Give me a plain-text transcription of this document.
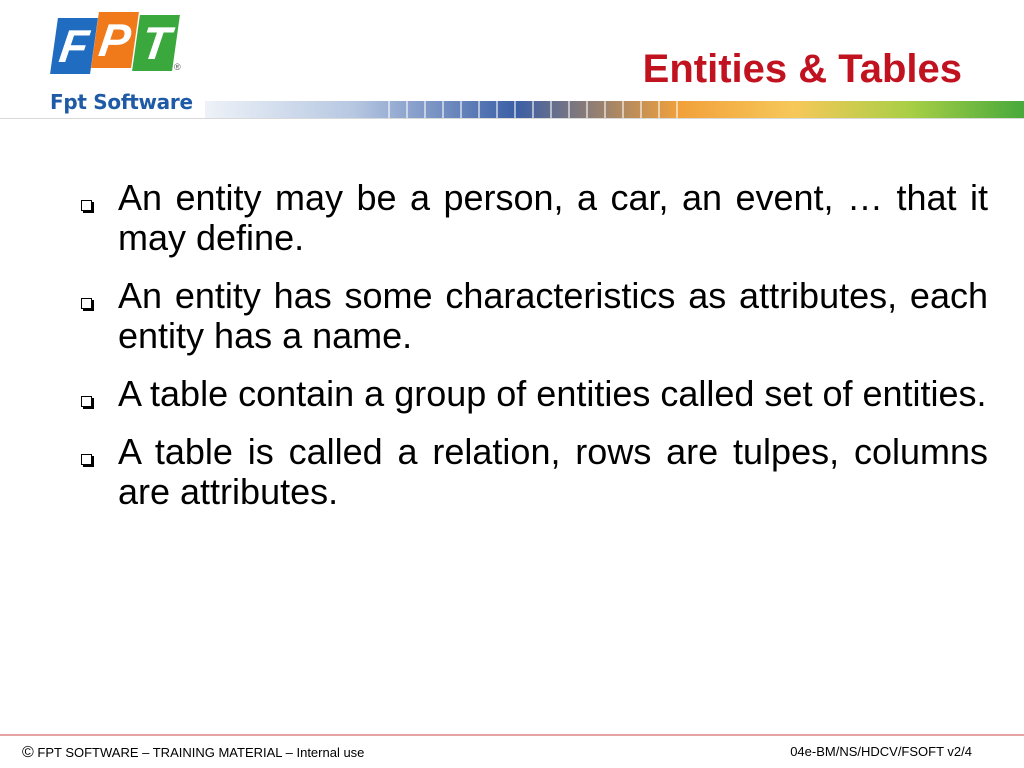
F P T ®
Fpt Software
Entities & Tables

An entity may be a person, a car, an event, … that it may define.

An entity has some characteristics as attributes, each entity has a name.

A table contain a group of entities called set of entities.

A table is called a relation, rows are tulpes, columns are attributes.

© FPT SOFTWARE – TRAINING MATERIAL – Internal use	04e-BM/NS/HDCV/FSOFT v2/4
